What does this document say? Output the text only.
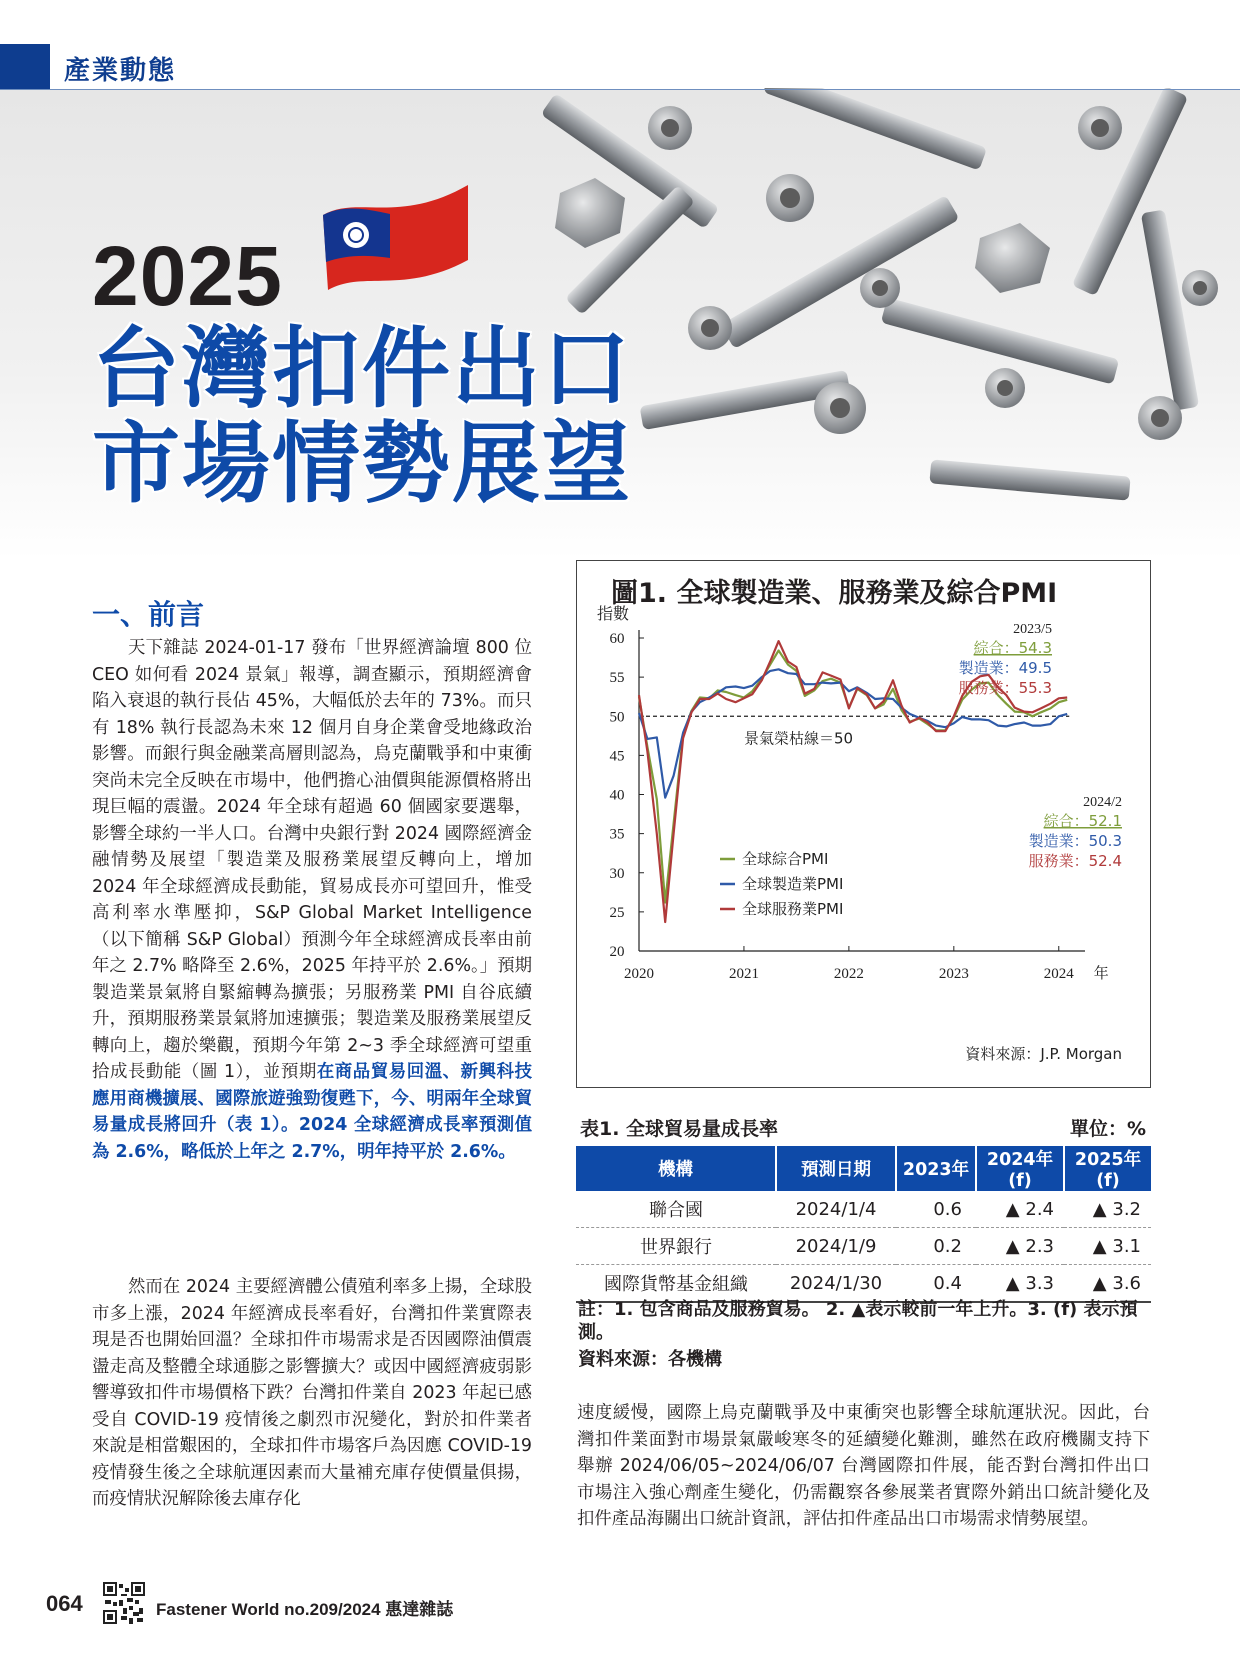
產業動態
2025
台灣扣件出口
市場情勢展望
一、前言
天下雜誌 2024-01-17 發布「世界經濟論壇 800 位 CEO 如何看 2024 景氣」報導，調查顯示，預期經濟會陷入衰退的執行長佔 45%，大幅低於去年的 73%。而只有 18% 執行長認為未來 12 個月自身企業會受地緣政治影響。而銀行與金融業高層則認為，烏克蘭戰爭和中東衝突尚未完全反映在市場中，他們擔心油價與能源價格將出現巨幅的震盪。2024 年全球有超過 60 個國家要選舉，影響全球約一半人口。台灣中央銀行對 2024 國際經濟金融情勢及展望「製造業及服務業展望反轉向上，增加 2024 年全球經濟成長動能，貿易成長亦可望回升，惟受高利率水準壓抑，S&P Global Market Intelligence（以下簡稱 S&P Global）預測今年全球經濟成長率由前年之 2.7% 略降至 2.6%，2025 年持平於 2.6%。」預期製造業景氣將自緊縮轉為擴張；另服務業 PMI 自谷底續升，預期服務業景氣將加速擴張；製造業及服務業展望反轉向上，趨於樂觀，預期今年第 2~3 季全球經濟可望重拾成長動能（圖 1），並預期在商品貿易回溫、新興科技應用商機擴展、國際旅遊強勁復甦下，今、明兩年全球貿易量成長將回升（表 1）。2024 全球經濟成長率預測值為 2.6%，略低於上年之 2.7%，明年持平於 2.6%。
然而在 2024 主要經濟體公債殖利率多上揚，全球股市多上漲，2024 年經濟成長率看好，台灣扣件業實際表現是否也開始回溫？全球扣件市場需求是否因國際油價震盪走高及整體全球通膨之影響擴大？或因中國經濟疲弱影響導致扣件市場價格下跌？台灣扣件業自 2023 年起已感受自 COVID-19 疫情後之劇烈市況變化，對於扣件業者來說是相當艱困的，全球扣件市場客戶為因應 COVID-19 疫情發生後之全球航運因素而大量補充庫存使價量俱揚，而疫情狀況解除後去庫存化
速度緩慢，國際上烏克蘭戰爭及中東衝突也影響全球航運狀況。因此，台灣扣件業面對市場景氣嚴峻寒冬的延續變化難測，雖然在政府機關支持下舉辦 2024/06/05~2024/06/07 台灣國際扣件展，能否對台灣扣件出口市場注入強心劑產生變化，仍需觀察各參展業者實際外銷出口統計變化及扣件產品海關出口統計資訊，評估扣件產品出口市場需求情勢展望。
指數
20
25
30
35
40
45
50
55
60
2020	2021	2022	2023	2024 年
景氣榮枯線＝50
全球綜合PMI
全球製造業PMI
全球服務業PMI
2023/5
綜合：54.3
製造業：49.5
服務業：55.3
2024/2
綜合：52.1
製造業：50.3
服務業：52.4
資料來源：J.P. Morgan
圖1. 全球製造業、服務業及綜合PMI
表1. 全球貿易量成長率	單位：%
機構	預測日期	2023年	2024年(f)	2025年(f)
聯合國	2024/1/4	0.6	▲ 2.4	▲ 3.2
世界銀行	2024/1/9	0.2	▲ 2.3	▲ 3.1
國際貨幣基金組織	2024/1/30	0.4	▲ 3.3	▲ 3.6
註：1. 包含商品及服務貿易。 2. ▲表示較前一年上升。3. (f) 表示預測。
資料來源：各機構
064	Fastener World no.209/2024 惠達雜誌
